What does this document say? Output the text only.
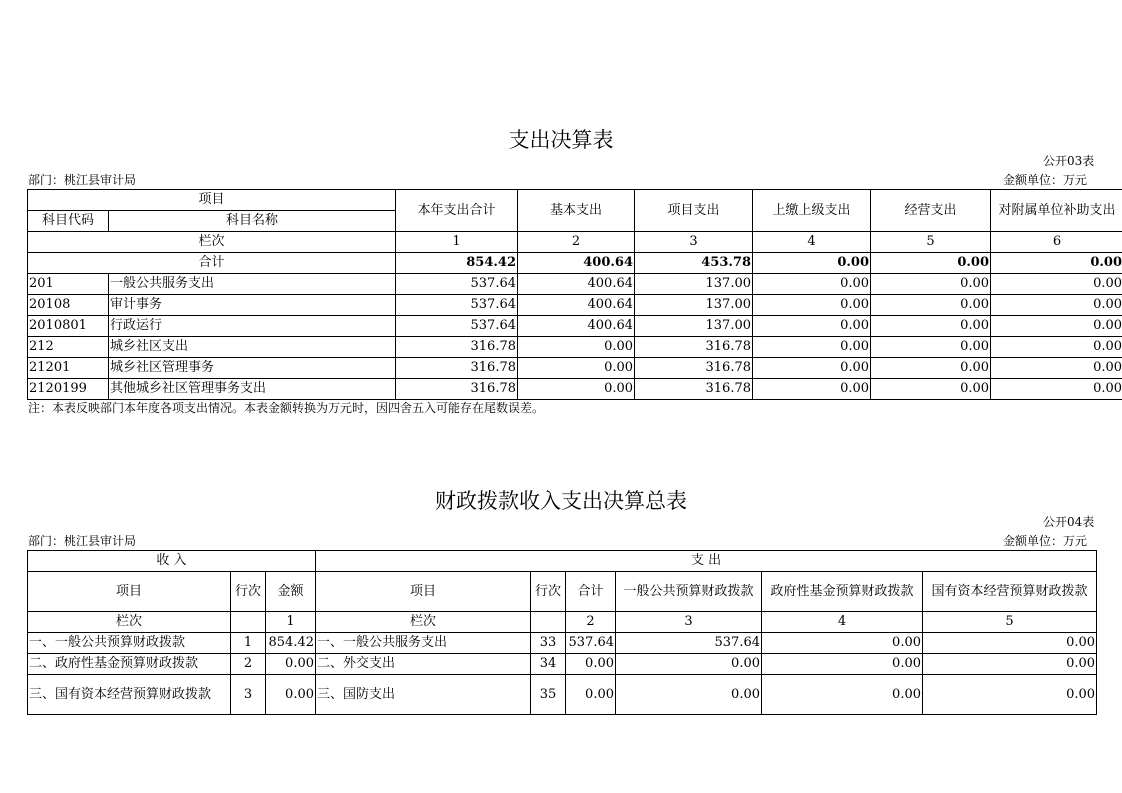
支出决算表
公开03表
部门：桃江县审计局	金额单位：万元
项目		本年支出合计	基本支出	项目支出	上缴上级支出	经营支出	对附属单位补助支出
科目代码	科目名称						
栏次		1	2	3	4	5	6
合计		854.42	400.64	453.78	0.00	0.00	0.00
201	一般公共服务支出	537.64	400.64	137.00	0.00	0.00	0.00
20108	审计事务	537.64	400.64	137.00	0.00	0.00	0.00
2010801	行政运行	537.64	400.64	137.00	0.00	0.00	0.00
212	城乡社区支出	316.78	0.00	316.78	0.00	0.00	0.00
21201	城乡社区管理事务	316.78	0.00	316.78	0.00	0.00	0.00
2120199	其他城乡社区管理事务支出	316.78	0.00	316.78	0.00	0.00	0.00
注：本表反映部门本年度各项支出情况。本表金额转换为万元时，因四舍五入可能存在尾数误差。
财政拨款收入支出决算总表
公开04表
部门：桃江县审计局	金额单位：万元
收 入			支 出					
项目	行次	金额	项目	行次	合计	一般公共预算财政拨款	政府性基金预算财政拨款	国有资本经营预算财政拨款
栏次		1	栏次		2	3	4	5
一、一般公共预算财政拨款	1	854.42	一、一般公共服务支出	33	537.64	537.64	0.00	0.00
二、政府性基金预算财政拨款	2	0.00	二、外交支出	34	0.00	0.00	0.00	0.00
三、国有资本经营预算财政拨款	3	0.00	三、国防支出	35	0.00	0.00	0.00	0.00
